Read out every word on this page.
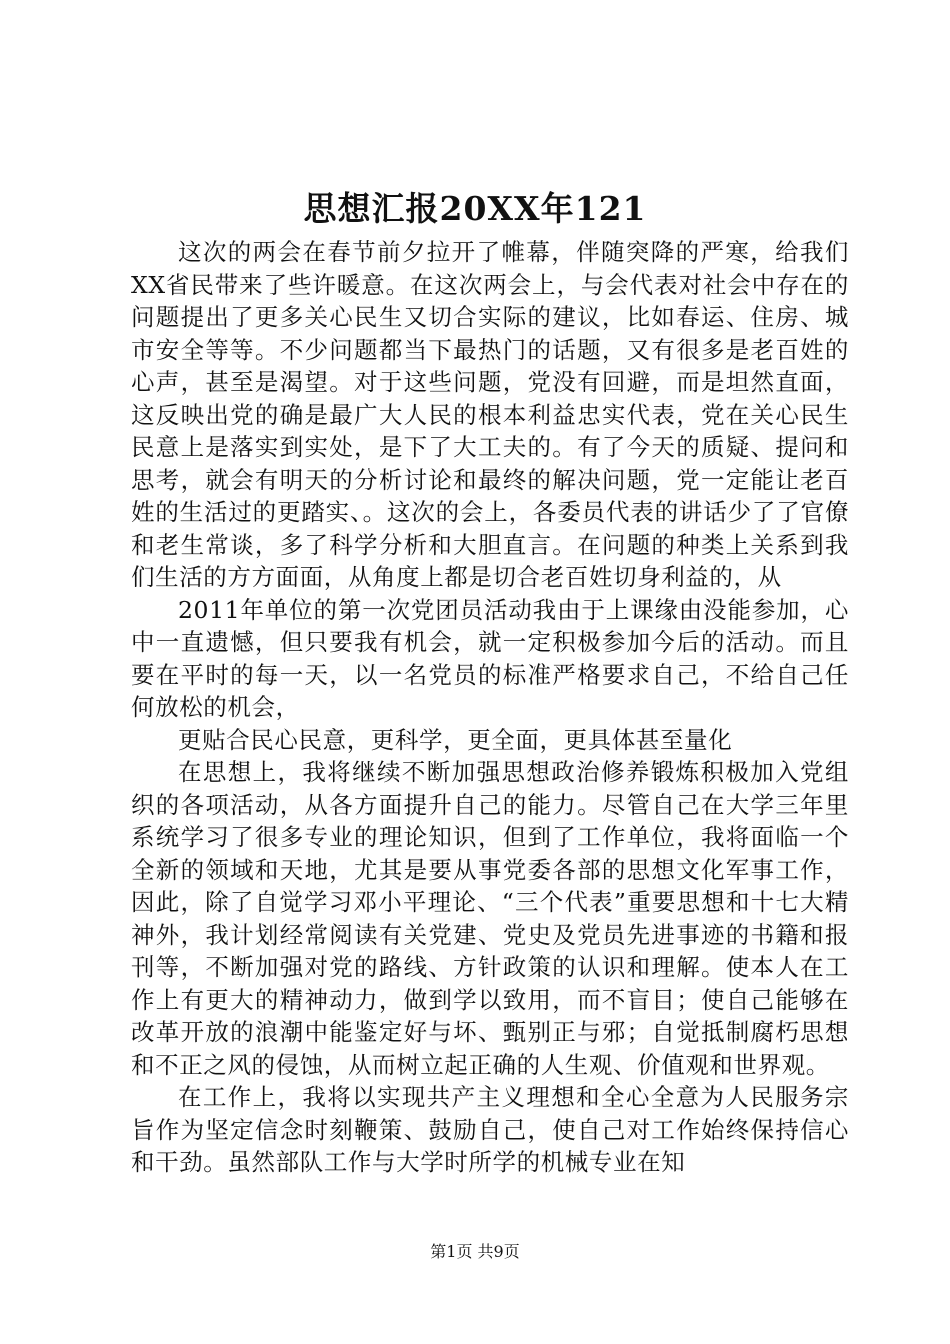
思想汇报20XX年121

这次的两会在春节前夕拉开了帷幕，伴随突降的严寒，给我们XX省民带来了些许暖意。在这次两会上，与会代表对社会中存在的问题提出了更多关心民生又切合实际的建议，比如春运、住房、城市安全等等。不少问题都当下最热门的话题，又有很多是老百姓的心声，甚至是渴望。对于这些问题，党没有回避，而是坦然直面，这反映出党的确是最广大人民的根本利益忠实代表，党在关心民生民意上是落实到实处，是下了大工夫的。有了今天的质疑、提问和思考，就会有明天的分析讨论和最终的解决问题，党一定能让老百姓的生活过的更踏实、。这次的会上，各委员代表的讲话少了了官僚和老生常谈，多了科学分析和大胆直言。在问题的种类上关系到我们生活的方方面面，从角度上都是切合老百姓切身利益的，从

2011年单位的第一次党团员活动我由于上课缘由没能参加，心中一直遗憾，但只要我有机会，就一定积极参加今后的活动。而且要在平时的每一天，以一名党员的标准严格要求自己，不给自己任何放松的机会，

更贴合民心民意，更科学，更全面，更具体甚至量化

在思想上，我将继续不断加强思想政治修养锻炼积极加入党组织的各项活动，从各方面提升自己的能力。尽管自己在大学三年里系统学习了很多专业的理论知识，但到了工作单位，我将面临一个全新的领域和天地，尤其是要从事党委各部的思想文化军事工作，因此，除了自觉学习邓小平理论、“三个代表”重要思想和十七大精神外，我计划经常阅读有关党建、党史及党员先进事迹的书籍和报刊等，不断加强对党的路线、方针政策的认识和理解。使本人在工作上有更大的精神动力，做到学以致用，而不盲目；使自己能够在改革开放的浪潮中能鉴定好与坏、甄别正与邪；自觉抵制腐朽思想和不正之风的侵蚀，从而树立起正确的人生观、价值观和世界观。

在工作上，我将以实现共产主义理想和全心全意为人民服务宗旨作为坚定信念时刻鞭策、鼓励自己，使自己对工作始终保持信心和干劲。虽然部队工作与大学时所学的机械专业在知

第1页 共9页
